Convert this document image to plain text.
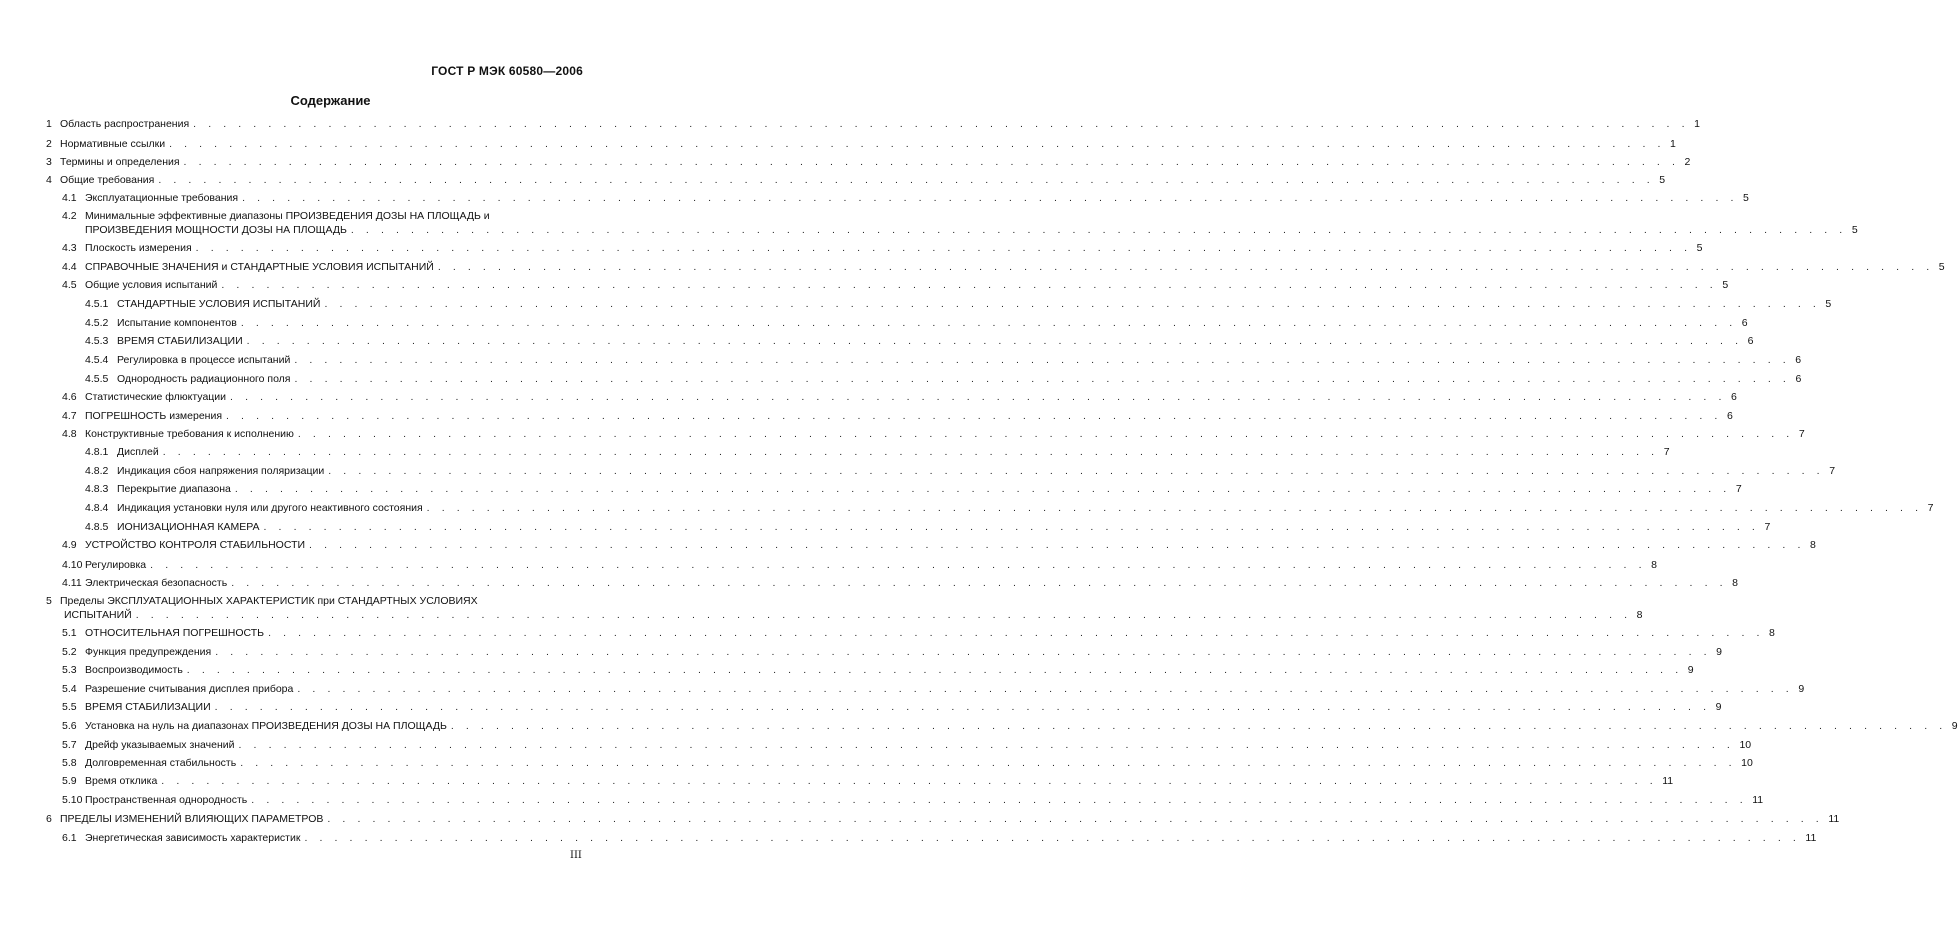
ГОСТ Р МЭК 60580—2006
Содержание
1 Область распространения . . . . . . . . . . . . . . . . . . . . . . . . . . . . . . . . . . . . . . . . . . . . . . . . . . . . . . . . . . . . . . . . . . . . . . . . . . . . . . . . . . . . . . . . . . . . . . . . . . . . 1
2 Нормативные ссылки . . . . . . . . . . . . . . . . . . . . . . . . . . . . . . . . . . . . . . . . . . . . . . . . . . . . . . . . . . . . . . . . . . . . . . . . . . . . . . . . . . . . . . . . . . . . . . . . . . . . 1
3 Термины и определения . . . . . . . . . . . . . . . . . . . . . . . . . . . . . . . . . . . . . . . . . . . . . . . . . . . . . . . . . . . . . . . . . . . . . . . . . . . . . . . . . . . . . . . . . . . . . . . . . . . . 2
4 Общие требования . . . . . . . . . . . . . . . . . . . . . . . . . . . . . . . . . . . . . . . . . . . . . . . . . . . . . . . . . . . . . . . . . . . . . . . . . . . . . . . . . . . . . . . . . . . . . . . . . . . . 5
4.1 Эксплуатационные требования . . . . . . . . . . . . . . . . . . . . . . . . . . . . . . . . . . . . . . . . . . . . . . . . . . . . . . . . . . . . . . . . . . . . . . . . . . . . . . . . . . . . . . . . . . . . . . . . . . . . 5
4.2 Минимальные эффективные диапазоны ПРОИЗВЕДЕНИЯ ДОЗЫ НА ПЛОЩАДЬ и
ПРОИЗВЕДЕНИЯ МОЩНОСТИ ДОЗЫ НА ПЛОЩАДЬ . . . . . . . . . . . . . . . . . . . . . . . . . . . . . . . . . . . . . . . . . . . . . . . . . . . . . . . . . . . . . . . . . . . . . . . . . . . . . . . . . . . . . . . . . . . . . . . . . . . . 5
4.3 Плоскость измерения . . . . . . . . . . . . . . . . . . . . . . . . . . . . . . . . . . . . . . . . . . . . . . . . . . . . . . . . . . . . . . . . . . . . . . . . . . . . . . . . . . . . . . . . . . . . . . . . . . . . 5
4.4 СПРАВОЧНЫЕ ЗНАЧЕНИЯ и СТАНДАРТНЫЕ УСЛОВИЯ ИСПЫТАНИЙ . . . . . . . . . . . . . . . . . . . . . . . . . . . . . . . . . . . . . . . . . . . . . . . . . . . . . . . . . . . . . . . . . . . . . . . . . . . . . . . . . . . . . . . . . . . . . . . . . . . . 5
4.5 Общие условия испытаний . . . . . . . . . . . . . . . . . . . . . . . . . . . . . . . . . . . . . . . . . . . . . . . . . . . . . . . . . . . . . . . . . . . . . . . . . . . . . . . . . . . . . . . . . . . . . . . . . . . . 5
4.5.1 СТАНДАРТНЫЕ УСЛОВИЯ ИСПЫТАНИЙ . . . . . . . . . . . . . . . . . . . . . . . . . . . . . . . . . . . . . . . . . . . . . . . . . . . . . . . . . . . . . . . . . . . . . . . . . . . . . . . . . . . . . . . . . . . . . . . . . . . . 5
4.5.2 Испытание компонентов . . . . . . . . . . . . . . . . . . . . . . . . . . . . . . . . . . . . . . . . . . . . . . . . . . . . . . . . . . . . . . . . . . . . . . . . . . . . . . . . . . . . . . . . . . . . . . . . . . . . 6
4.5.3 ВРЕМЯ СТАБИЛИЗАЦИИ . . . . . . . . . . . . . . . . . . . . . . . . . . . . . . . . . . . . . . . . . . . . . . . . . . . . . . . . . . . . . . . . . . . . . . . . . . . . . . . . . . . . . . . . . . . . . . . . . . . . 6
4.5.4 Регулировка в процессе испытаний . . . . . . . . . . . . . . . . . . . . . . . . . . . . . . . . . . . . . . . . . . . . . . . . . . . . . . . . . . . . . . . . . . . . . . . . . . . . . . . . . . . . . . . . . . . . . . . . . . . . 6
4.5.5 Однородность радиационного поля . . . . . . . . . . . . . . . . . . . . . . . . . . . . . . . . . . . . . . . . . . . . . . . . . . . . . . . . . . . . . . . . . . . . . . . . . . . . . . . . . . . . . . . . . . . . . . . . . . . . 6
4.6 Статистические флюктуации . . . . . . . . . . . . . . . . . . . . . . . . . . . . . . . . . . . . . . . . . . . . . . . . . . . . . . . . . . . . . . . . . . . . . . . . . . . . . . . . . . . . . . . . . . . . . . . . . . . . 6
4.7 ПОГРЕШНОСТЬ измерения . . . . . . . . . . . . . . . . . . . . . . . . . . . . . . . . . . . . . . . . . . . . . . . . . . . . . . . . . . . . . . . . . . . . . . . . . . . . . . . . . . . . . . . . . . . . . . . . . . . . 6
4.8 Конструктивные требования к исполнению . . . . . . . . . . . . . . . . . . . . . . . . . . . . . . . . . . . . . . . . . . . . . . . . . . . . . . . . . . . . . . . . . . . . . . . . . . . . . . . . . . . . . . . . . . . . . . . . . . . . 7
4.8.1 Дисплей . . . . . . . . . . . . . . . . . . . . . . . . . . . . . . . . . . . . . . . . . . . . . . . . . . . . . . . . . . . . . . . . . . . . . . . . . . . . . . . . . . . . . . . . . . . . . . . . . . . . 7
4.8.2 Индикация сбоя напряжения поляризации . . . . . . . . . . . . . . . . . . . . . . . . . . . . . . . . . . . . . . . . . . . . . . . . . . . . . . . . . . . . . . . . . . . . . . . . . . . . . . . . . . . . . . . . . . . . . . . . . . . . 7
4.8.3 Перекрытие диапазона . . . . . . . . . . . . . . . . . . . . . . . . . . . . . . . . . . . . . . . . . . . . . . . . . . . . . . . . . . . . . . . . . . . . . . . . . . . . . . . . . . . . . . . . . . . . . . . . . . . . 7
4.8.4 Индикация установки нуля или другого неактивного состояния . . . . . . . . . . . . . . . . . . . . . . . . . . . . . . . . . . . . . . . . . . . . . . . . . . . . . . . . . . . . . . . . . . . . . . . . . . . . . . . . . . . . . . . . . . . . . . . . . . . . 7
4.8.5 ИОНИЗАЦИОННАЯ КАМЕРА . . . . . . . . . . . . . . . . . . . . . . . . . . . . . . . . . . . . . . . . . . . . . . . . . . . . . . . . . . . . . . . . . . . . . . . . . . . . . . . . . . . . . . . . . . . . . . . . . . . . 7
4.9 УСТРОЙСТВО КОНТРОЛЯ СТАБИЛЬНОСТИ . . . . . . . . . . . . . . . . . . . . . . . . . . . . . . . . . . . . . . . . . . . . . . . . . . . . . . . . . . . . . . . . . . . . . . . . . . . . . . . . . . . . . . . . . . . . . . . . . . . . 8
4.10 Регулировка . . . . . . . . . . . . . . . . . . . . . . . . . . . . . . . . . . . . . . . . . . . . . . . . . . . . . . . . . . . . . . . . . . . . . . . . . . . . . . . . . . . . . . . . . . . . . . . . . . . . 8
4.11 Электрическая безопасность . . . . . . . . . . . . . . . . . . . . . . . . . . . . . . . . . . . . . . . . . . . . . . . . . . . . . . . . . . . . . . . . . . . . . . . . . . . . . . . . . . . . . . . . . . . . . . . . . . . . 8
5 Пределы ЭКСПЛУАТАЦИОННЫХ ХАРАКТЕРИСТИК при СТАНДАРТНЫХ УСЛОВИЯХ
ИСПЫТАНИЙ . . . . . . . . . . . . . . . . . . . . . . . . . . . . . . . . . . . . . . . . . . . . . . . . . . . . . . . . . . . . . . . . . . . . . . . . . . . . . . . . . . . . . . . . . . . . . . . . . . . . 8
5.1 ОТНОСИТЕЛЬНАЯ ПОГРЕШНОСТЬ . . . . . . . . . . . . . . . . . . . . . . . . . . . . . . . . . . . . . . . . . . . . . . . . . . . . . . . . . . . . . . . . . . . . . . . . . . . . . . . . . . . . . . . . . . . . . . . . . . . . 8
5.2 Функция предупреждения . . . . . . . . . . . . . . . . . . . . . . . . . . . . . . . . . . . . . . . . . . . . . . . . . . . . . . . . . . . . . . . . . . . . . . . . . . . . . . . . . . . . . . . . . . . . . . . . . . . . 9
5.3 Воспроизводимость . . . . . . . . . . . . . . . . . . . . . . . . . . . . . . . . . . . . . . . . . . . . . . . . . . . . . . . . . . . . . . . . . . . . . . . . . . . . . . . . . . . . . . . . . . . . . . . . . . . . 9
5.4 Разрешение считывания дисплея прибора . . . . . . . . . . . . . . . . . . . . . . . . . . . . . . . . . . . . . . . . . . . . . . . . . . . . . . . . . . . . . . . . . . . . . . . . . . . . . . . . . . . . . . . . . . . . . . . . . . . . 9
5.5 ВРЕМЯ СТАБИЛИЗАЦИИ . . . . . . . . . . . . . . . . . . . . . . . . . . . . . . . . . . . . . . . . . . . . . . . . . . . . . . . . . . . . . . . . . . . . . . . . . . . . . . . . . . . . . . . . . . . . . . . . . . . . 9
5.6 Установка на нуль на диапазонах ПРОИЗВЕДЕНИЯ ДОЗЫ НА ПЛОЩАДЬ . . . . . . . . . . . . . . . . . . . . . . . . . . . . . . . . . . . . . . . . . . . . . . . . . . . . . . . . . . . . . . . . . . . . . . . . . . . . . . . . . . . . . . . . . . . . . . . . . . . . 9
5.7 Дрейф указываемых значений . . . . . . . . . . . . . . . . . . . . . . . . . . . . . . . . . . . . . . . . . . . . . . . . . . . . . . . . . . . . . . . . . . . . . . . . . . . . . . . . . . . . . . . . . . . . . . . . . . . . 10
5.8 Долговременная стабильность . . . . . . . . . . . . . . . . . . . . . . . . . . . . . . . . . . . . . . . . . . . . . . . . . . . . . . . . . . . . . . . . . . . . . . . . . . . . . . . . . . . . . . . . . . . . . . . . . . . . 10
5.9 Время отклика . . . . . . . . . . . . . . . . . . . . . . . . . . . . . . . . . . . . . . . . . . . . . . . . . . . . . . . . . . . . . . . . . . . . . . . . . . . . . . . . . . . . . . . . . . . . . . . . . . . . 11
5.10 Пространственная однородность . . . . . . . . . . . . . . . . . . . . . . . . . . . . . . . . . . . . . . . . . . . . . . . . . . . . . . . . . . . . . . . . . . . . . . . . . . . . . . . . . . . . . . . . . . . . . . . . . . . . 11
6 ПРЕДЕЛЫ ИЗМЕНЕНИЙ ВЛИЯЮЩИХ ПАРАМЕТРОВ . . . . . . . . . . . . . . . . . . . . . . . . . . . . . . . . . . . . . . . . . . . . . . . . . . . . . . . . . . . . . . . . . . . . . . . . . . . . . . . . . . . . . . . . . . . . . . . . . . . . 11
6.1 Энергетическая зависимость характеристик . . . . . . . . . . . . . . . . . . . . . . . . . . . . . . . . . . . . . . . . . . . . . . . . . . . . . . . . . . . . . . . . . . . . . . . . . . . . . . . . . . . . . . . . . . . . . . . . . . . . 11
III
